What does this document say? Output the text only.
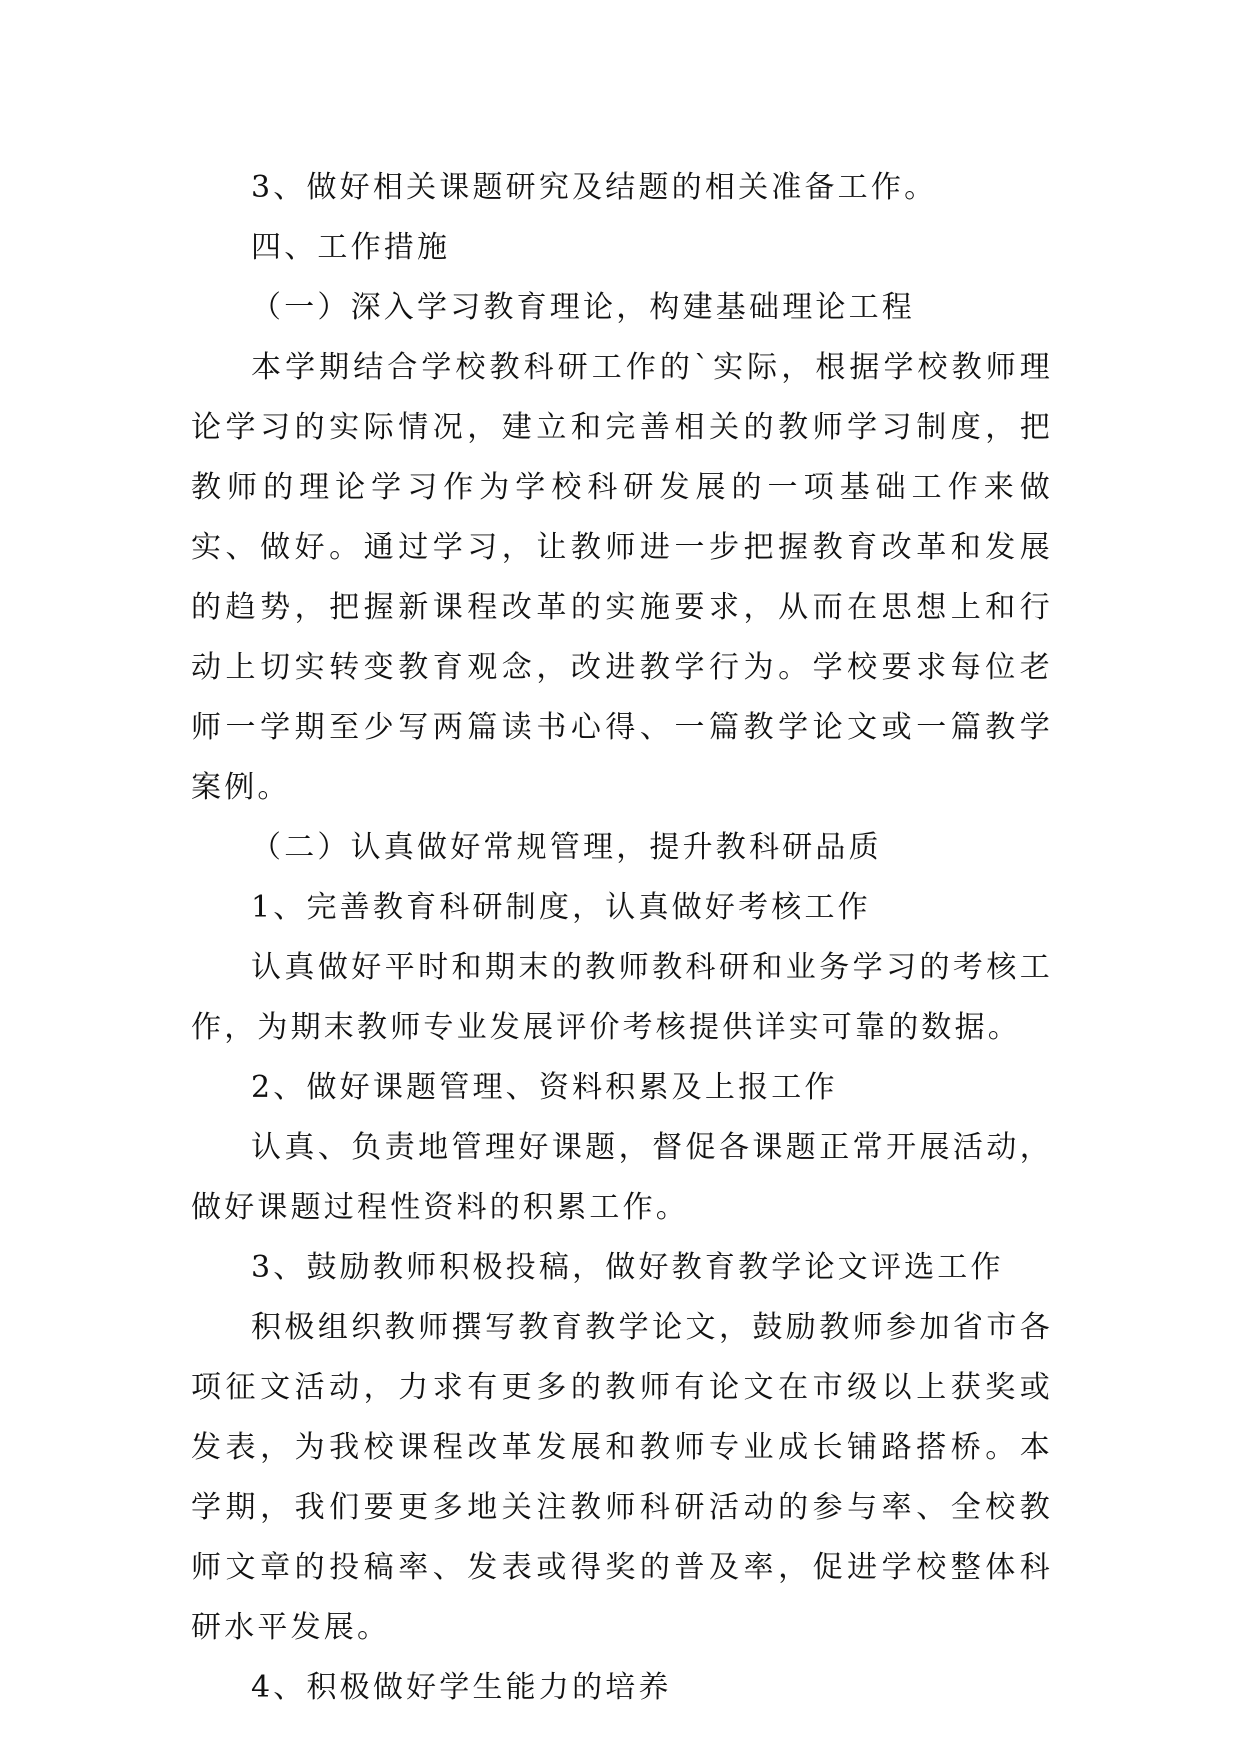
3、做好相关课题研究及结题的相关准备工作。

四、工作措施

（一）深入学习教育理论，构建基础理论工程

本学期结合学校教科研工作的`实际，根据学校教师理论学习的实际情况，建立和完善相关的教师学习制度，把教师的理论学习作为学校科研发展的一项基础工作来做实、做好。通过学习，让教师进一步把握教育改革和发展的趋势，把握新课程改革的实施要求，从而在思想上和行动上切实转变教育观念，改进教学行为。学校要求每位老师一学期至少写两篇读书心得、一篇教学论文或一篇教学案例。

（二）认真做好常规管理，提升教科研品质

1、完善教育科研制度，认真做好考核工作

认真做好平时和期末的教师教科研和业务学习的考核工作，为期末教师专业发展评价考核提供详实可靠的数据。

2、做好课题管理、资料积累及上报工作

认真、负责地管理好课题，督促各课题正常开展活动，做好课题过程性资料的积累工作。

3、鼓励教师积极投稿，做好教育教学论文评选工作

积极组织教师撰写教育教学论文，鼓励教师参加省市各项征文活动，力求有更多的教师有论文在市级以上获奖或发表，为我校课程改革发展和教师专业成长铺路搭桥。本学期，我们要更多地关注教师科研活动的参与率、全校教师文章的投稿率、发表或得奖的普及率，促进学校整体科研水平发展。

4、积极做好学生能力的培养
